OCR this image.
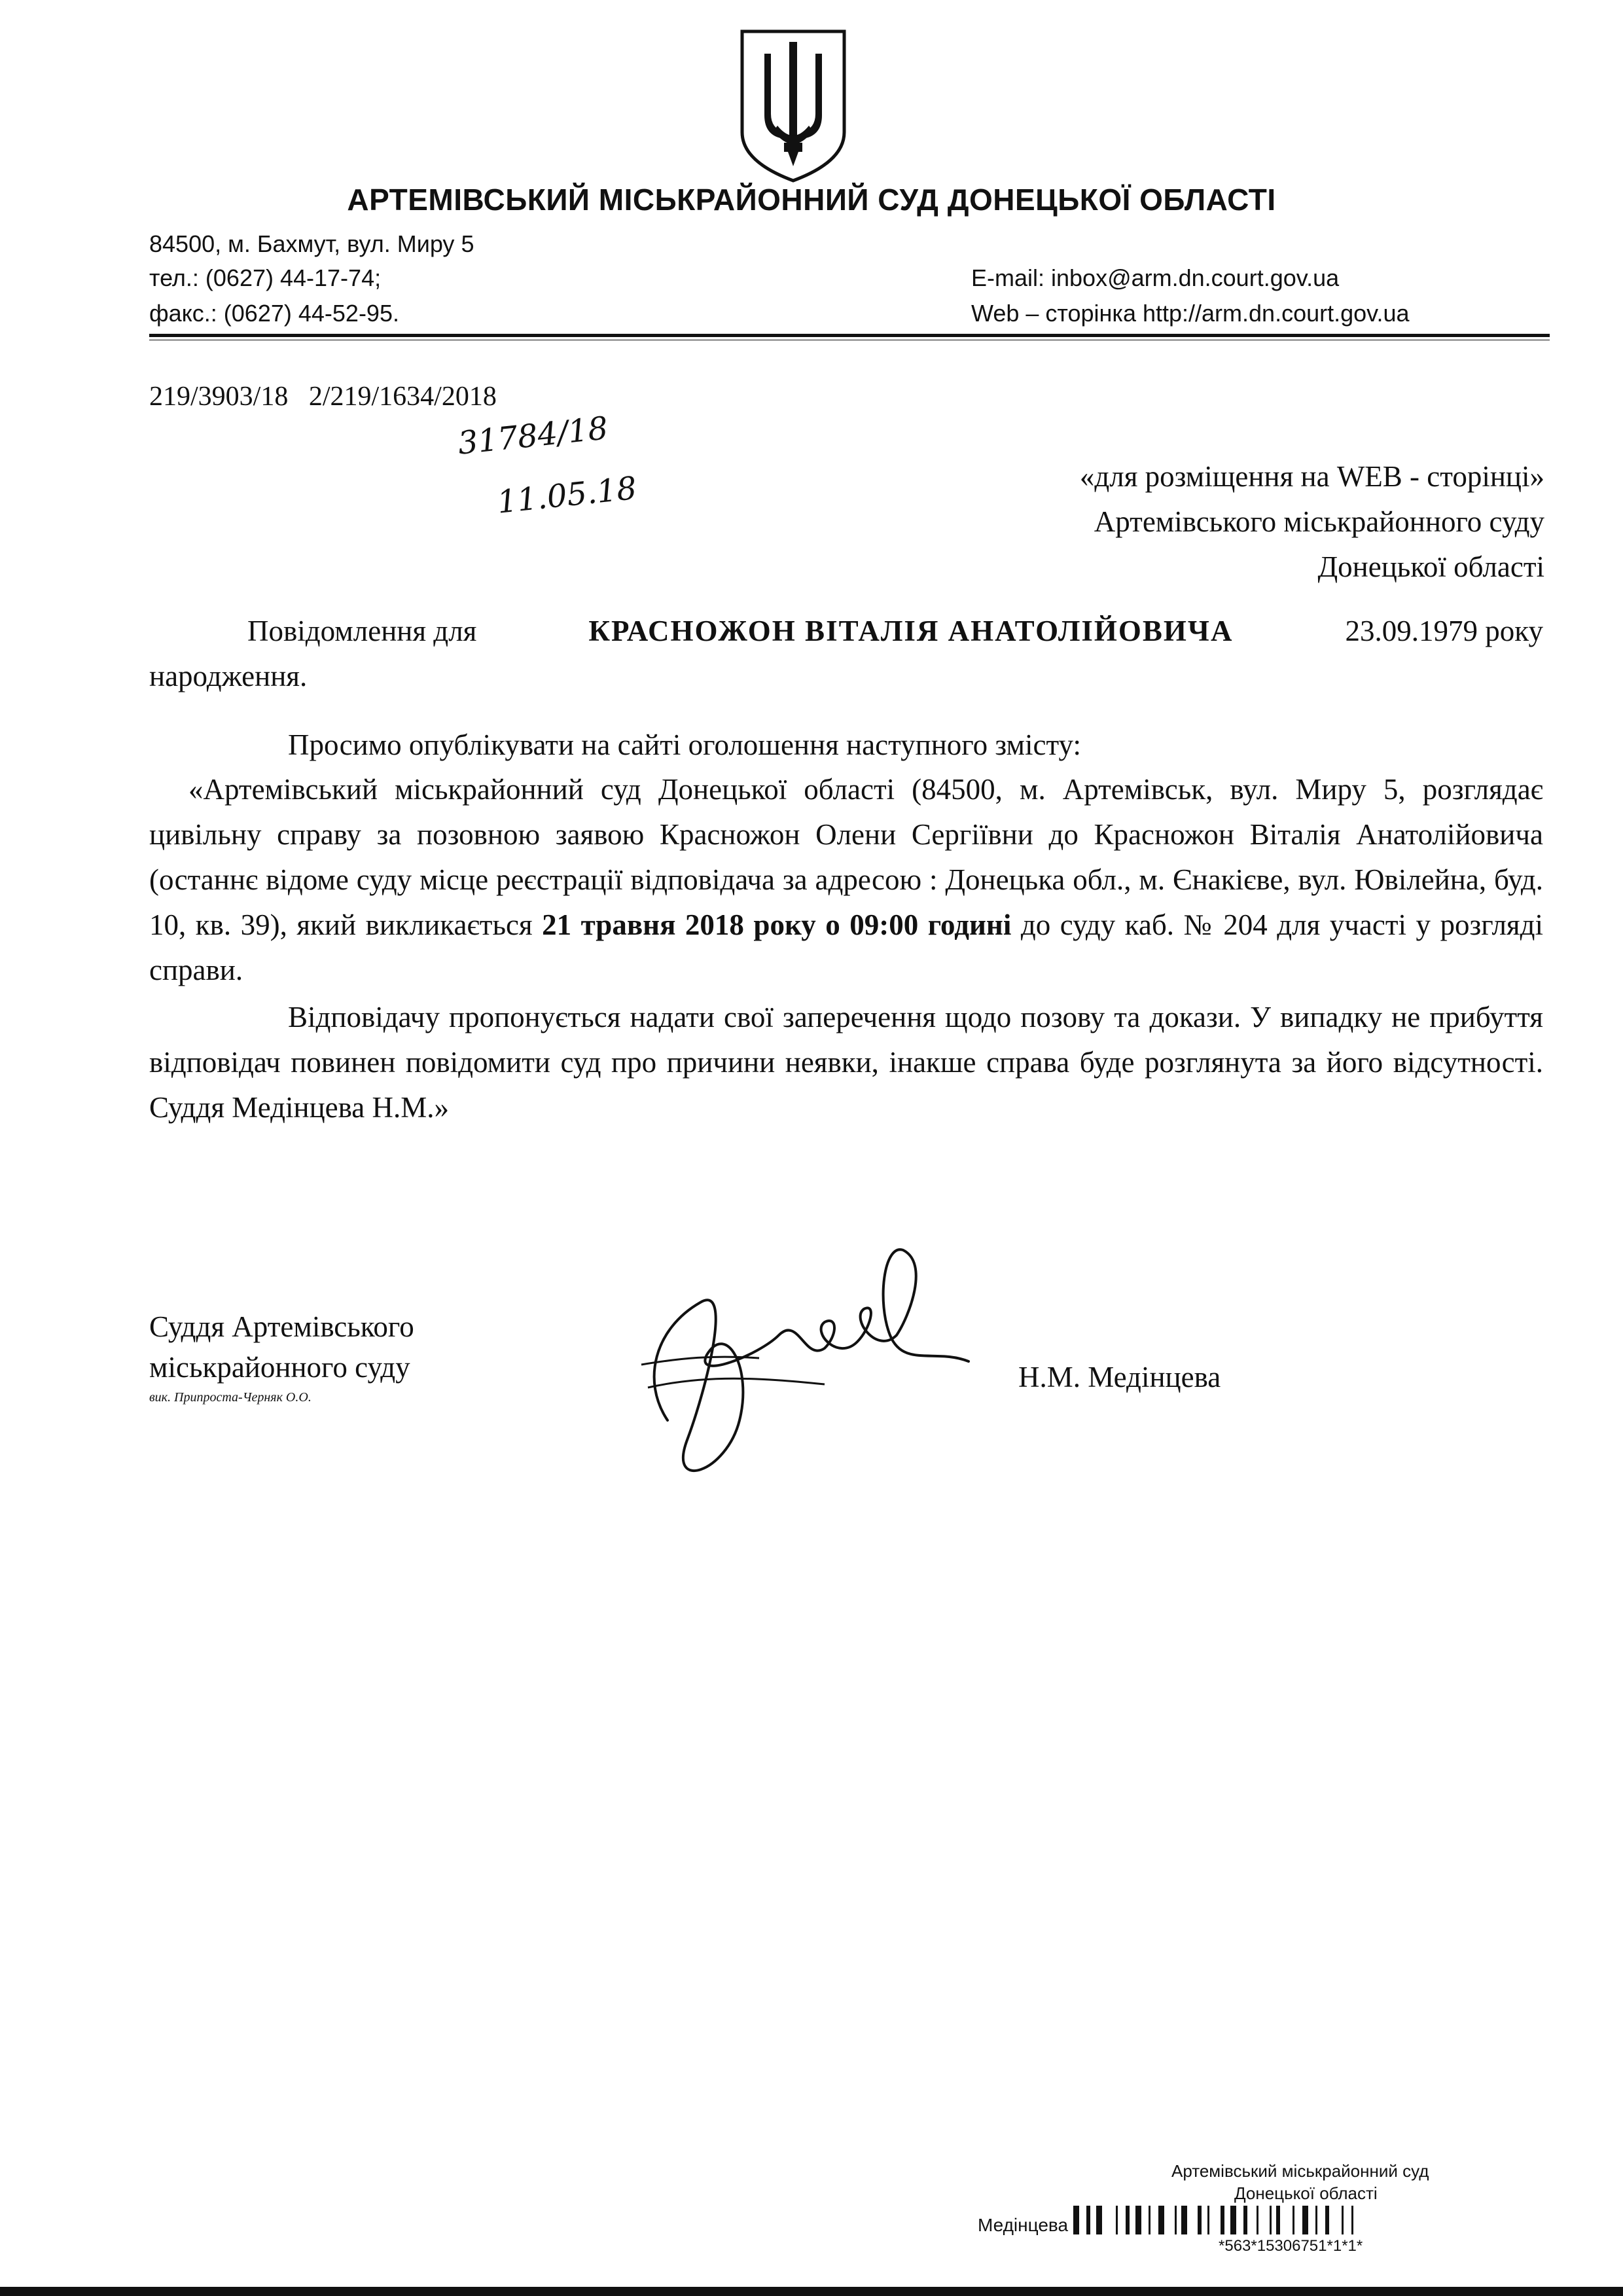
АРТЕМІВСЬКИЙ МІСЬКРАЙОННИЙ СУД ДОНЕЦЬКОЇ ОБЛАСТІ
84500, м. Бахмут, вул. Миру 5
тел.: (0627) 44-17-74;
факс.: (0627) 44-52-95.
E-mail: inbox@arm.dn.court.gov.ua
Web – сторінка http://arm.dn.court.gov.ua
219/3903/18   2/219/1634/2018
31784/18
11.05.18	«для розміщення на WEB - сторінці»
Артемівського міськрайонного суду
Донецької області
Повідомлення для	КРАСНОЖОН ВІТАЛІЯ АНАТОЛІЙОВИЧА	23.09.1979 року
народження.
Просимо опублікувати на сайті оголошення наступного змісту:
«Артемівський міськрайонний суд Донецької області (84500, м. Артемівськ, вул. Миру 5, розглядає цивільну справу за позовною заявою Красножон Олени Сергіївни до Красножон Віталія Анатолійовича (останнє відоме суду місце реєстрації відповідача за адресою : Донецька обл., м. Єнакієве, вул. Ювілейна, буд. 10, кв. 39), який викликається 21 травня 2018 року о 09:00 годині до суду каб. № 204 для участі у розгляді справи.
Відповідачу пропонується надати свої заперечення щодо позову та докази. У випадку не прибуття відповідач повинен повідомити суд про причини неявки, інакше справа буде розглянута за його відсутності. Суддя Медінцева Н.М.»
Суддя Артемівського
міськрайонного суду
вик. Припроста-Черняк О.О.
Н.М. Медінцева
Артемівський міськрайонний суд
Донецької області
Медінцева
*563*15306751*1*1*
